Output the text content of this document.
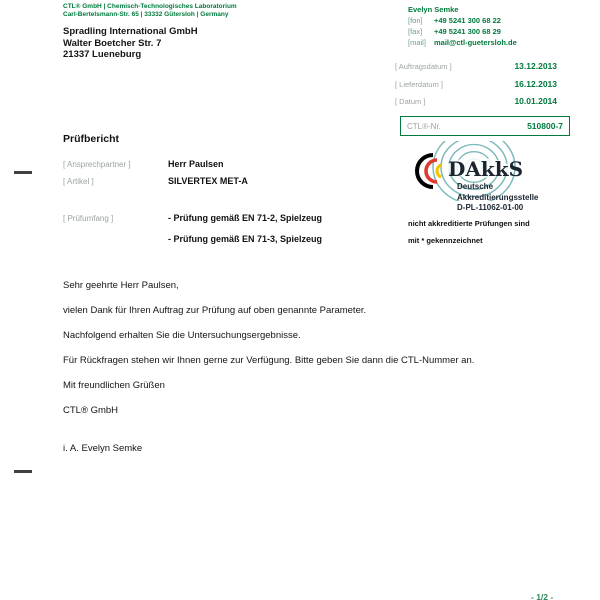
CTL® GmbH | Chemisch-Technologisches Laboratorium
Carl-Bertelsmann-Str. 65 | 33332 Gütersloh | Germany
Spradling International GmbH
Walter Boetcher Str. 7
21337 Lueneburg
Evelyn Semke
[fon]	+49 5241 300 68 22
[fax]	+49 5241 300 68 29
[mail]	mail@ctl-guetersloh.de
[ Auftragsdatum ]	13.12.2013
[ Lieferdatum ]	16.12.2013
[ Datum ]	10.01.2014
CTL®-Nr.	510800-7
Prüfbericht
[ Ansprechpartner ]	Herr Paulsen
[ Artikel ]	SILVERTEX MET-A
[ Prüfumfang ]	- Prüfung gemäß EN 71-2, Spielzeug
- Prüfung gemäß EN 71-3, Spielzeug
DAkkS
Deutsche
Akkreditierungsstelle
D-PL-11062-01-00
nicht akkreditierte Prüfungen sind
mit * gekennzeichnet

Sehr geehrte Herr Paulsen,

vielen Dank für Ihren Auftrag zur Prüfung auf oben genannte Parameter.

Nachfolgend erhalten Sie die Untersuchungsergebnisse.

Für Rückfragen stehen wir Ihnen gerne zur Verfügung. Bitte geben Sie dann die CTL-Nummer an.

Mit freundlichen Grüßen

CTL® GmbH

i. A. Evelyn Semke

- 1/2 -
